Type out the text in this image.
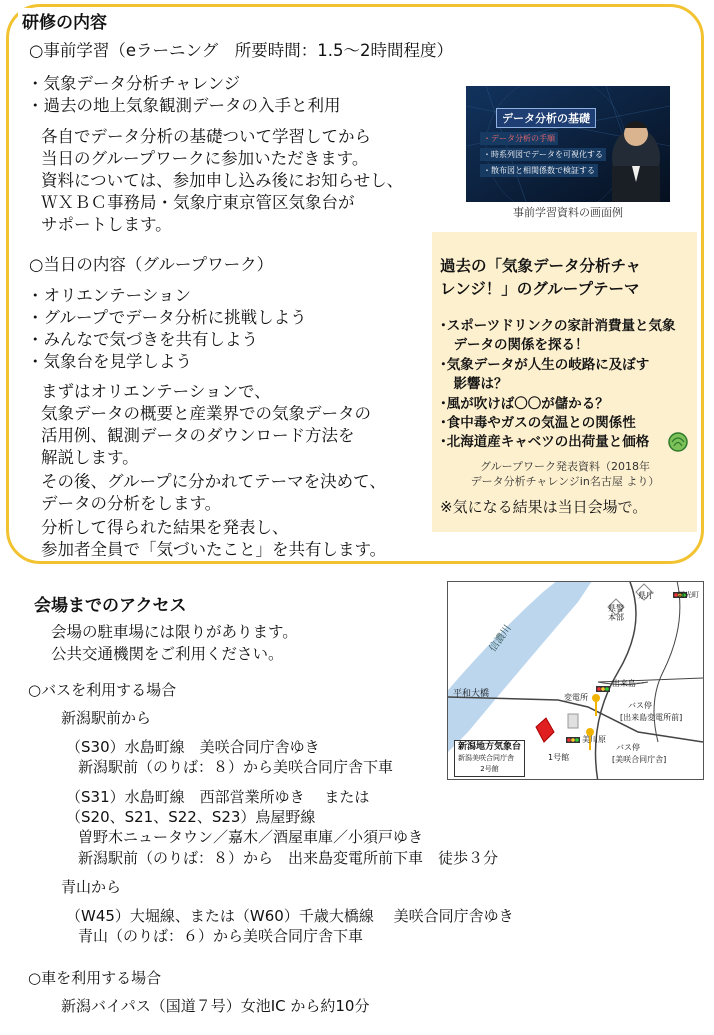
研修の内容
○事前学習（eラーニング　所要時間：1.5～2時間程度）
・気象データ分析チャレンジ
・過去の地上気象観測データの入手と利用
各自でデータ分析の基礎ついて学習してから
当日のグループワークに参加いただきます。
資料については、参加申し込み後にお知らせし、
ＷＸＢＣ事務局・気象庁東京管区気象台が
サポートします。
データ分析の基礎
・データ分析の手順
・時系列図でデータを可視化する
・散布図と相関係数で検証する
事前学習資料の画面例
○当日の内容（グループワーク）
・オリエンテーション
・グループでデータ分析に挑戦しよう
・みんなで気づきを共有しよう
・気象台を見学しよう
まずはオリエンテーションで、
気象データの概要と産業界での気象データの
活用例、観測データのダウンロード方法を
解説します。
その後、グループに分かれてテーマを決めて、
データの分析をします。
分析して得られた結果を発表し、
参加者全員で「気づいたこと」を共有します。
過去の「気象データ分析チャ
レンジ！」のグループテーマ
･スポーツドリンクの家計消費量と気象
　データの関係を探る！
･気象データが人生の岐路に及ぼす
　影響は？
･風が吹けば〇〇が儲かる？
･食中毒やガスの気温との関係性
･北海道産キャベツの出荷量と価格
グループワーク発表資料（2018年
データ分析チャレンジin名古屋 より）
※気になる結果は当日会場で。
会場までのアクセス
会場の駐車場には限りがあります。
公共交通機関をご利用ください。
○バスを利用する場合
新潟駅前から
（S30）水島町線　美咲合同庁舎ゆき
新潟駅前（のりば：８）から美咲合同庁舎下車
（S31）水島町線　西部営業所ゆき　 または
（S20、S21、S22、S23）鳥屋野線
曽野木ニュータウン／嘉木／酒屋車庫／小須戸ゆき
新潟駅前（のりば：８）から　出来島変電所前下車　徒歩３分
青山から
（W45）大堀線、または（W60）千歳大橋線　 美咲合同庁舎ゆき
青山（のりば：６）から美咲合同庁舎下車
○車を利用する場合
新潟バイパス（国道７号）女池IC から約10分
信濃川
平和大橋
新潟地方気象台
新潟美咲合同庁舎
2号館
県庁
県警本部
新光町
出来島一
変電所
バス停
[出来島変電所前]
1号館
美川原
バス停
[美咲合同庁舎]
